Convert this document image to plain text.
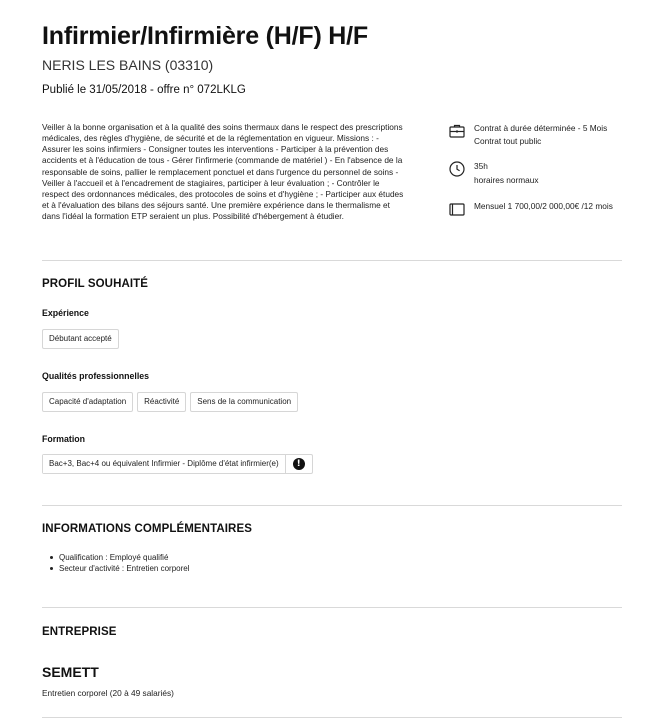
Infirmier/Infirmière (H/F) H/F
NERIS LES BAINS (03310)
Publié le 31/05/2018 - offre n° 072LKLG

Veiller à la bonne organisation et à la qualité des soins thermaux dans le respect des prescriptions médicales, des règles d'hygiène, de sécurité et de la réglementation en vigueur. Missions : - Assurer les soins infirmiers - Consigner toutes les interventions - Participer à la prévention des accidents et à l'éducation de tous - Gérer l'infirmerie (commande de matériel ) - En l'absence de la responsable de soins, pallier le remplacement ponctuel et dans l'urgence du personnel de soins - Veiller à l'accueil et à l'encadrement de stagiaires, participer à leur évaluation ; - Contrôler le respect des ordonnances médicales, des protocoles de soins et d'hygiène ; - Participer aux études et à l'évaluation des bilans des séjours santé. Une première expérience dans le thermalisme et dans l'idéal la formation ETP seraient un plus. Possibilité d'hébergement à étudier.

Contrat à durée déterminée - 5 Mois
Contrat tout public
35h
horaires normaux
Mensuel 1 700,00/2 000,00€ /12 mois
PROFIL SOUHAITÉ
Expérience
Débutant accepté
Qualités professionnelles
Capacité d'adaptation	Réactivité	Sens de la communication
Formation
Bac+3, Bac+4 ou équivalent Infirmier - Diplôme d'état infirmier(e)	!
INFORMATIONS COMPLÉMENTAIRES
Qualification : Employé qualifié
Secteur d'activité : Entretien corporel
ENTREPRISE
SEMETT
Entretien corporel (20 à 49 salariés)
